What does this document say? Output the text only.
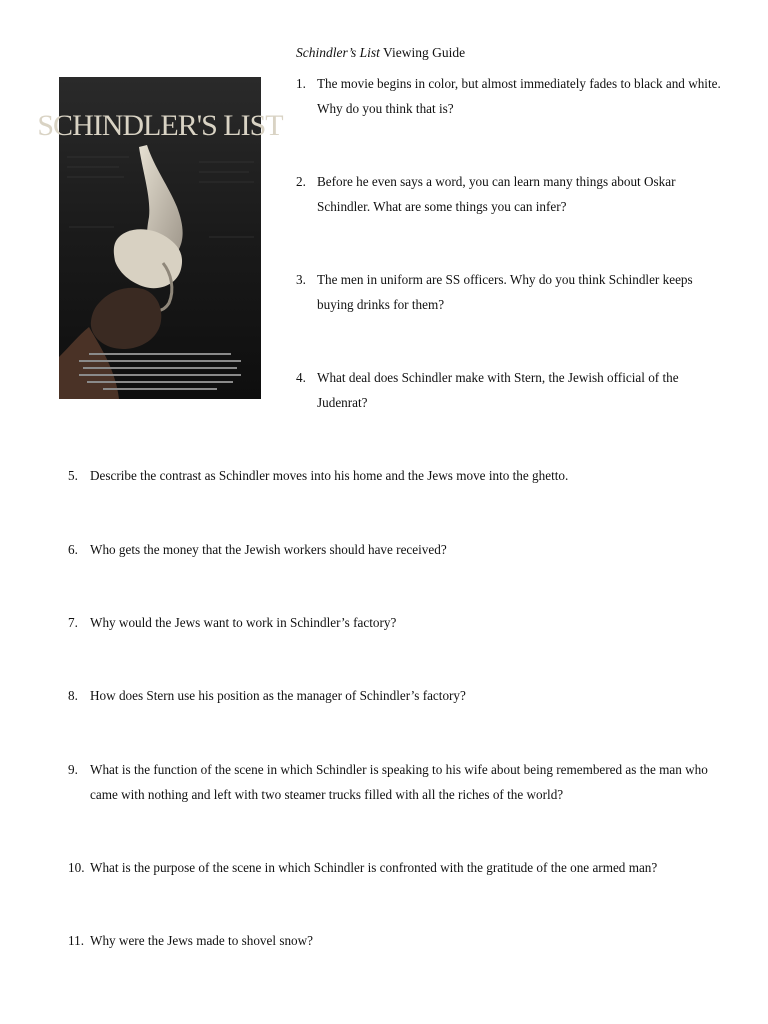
Schindler’s List Viewing Guide
SCHINDLER'S LIST
1. The movie begins in color, but almost immediately fades to black and white. Why do you think that is?
2. Before he even says a word, you can learn many things about Oskar Schindler. What are some things you can infer?
3. The men in uniform are SS officers. Why do you think Schindler keeps buying drinks for them?
4. What deal does Schindler make with Stern, the Jewish official of the Judenrat?
5. Describe the contrast as Schindler moves into his home and the Jews move into the ghetto.
6. Who gets the money that the Jewish workers should have received?
7. Why would the Jews want to work in Schindler’s factory?
8. How does Stern use his position as the manager of Schindler’s factory?
9. What is the function of the scene in which Schindler is speaking to his wife about being remembered as the man who came with nothing and left with two steamer trucks filled with all the riches of the world?
10. What is the purpose of the scene in which Schindler is confronted with the gratitude of the one armed man?
11. Why were the Jews made to shovel snow?
